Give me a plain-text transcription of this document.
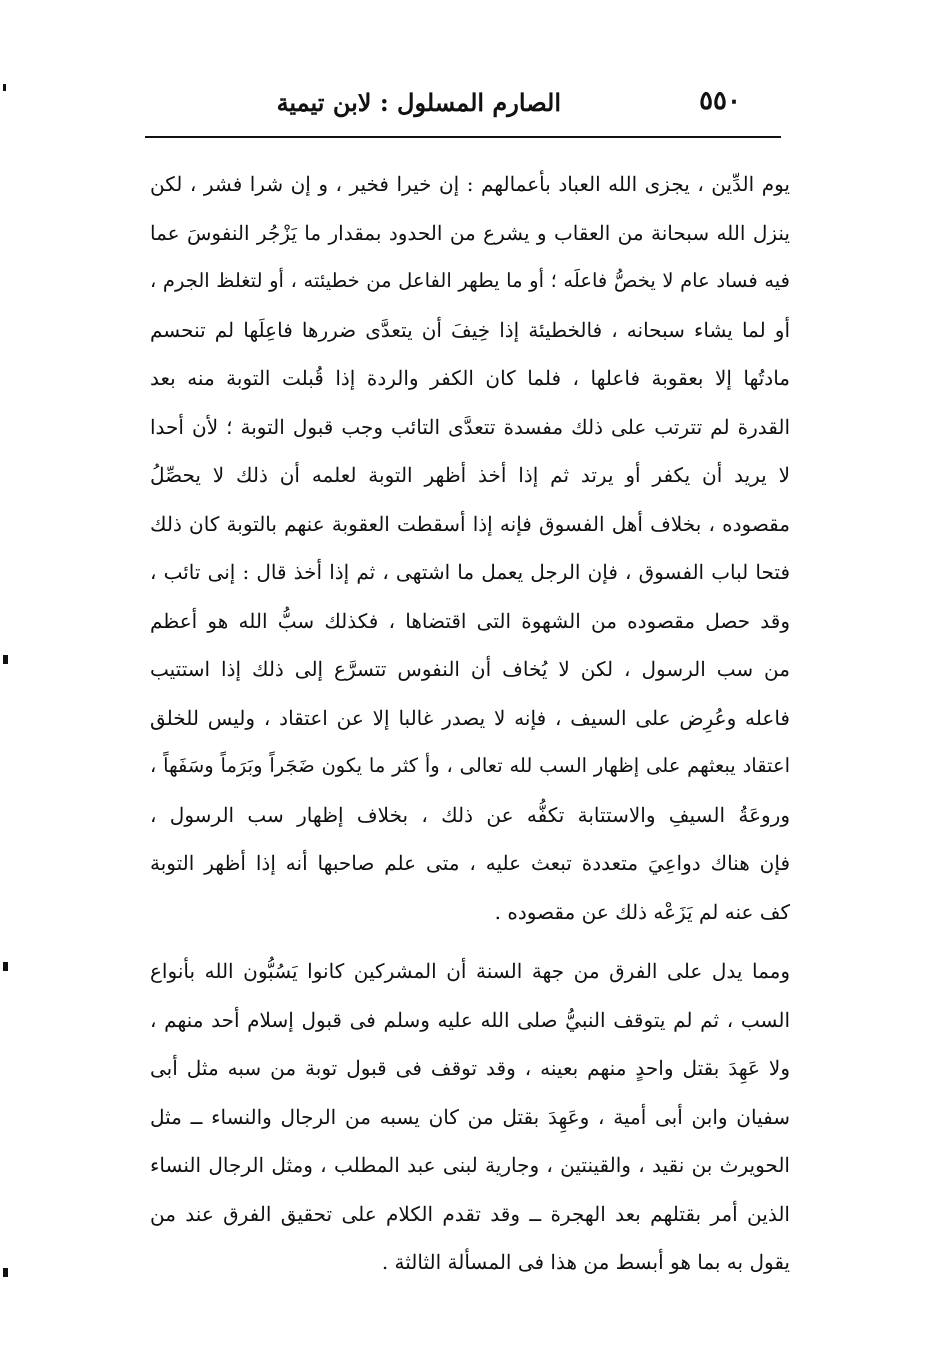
٥٥٠
الصارم المسلول : لابن تيمية
يوم الدِّين ، يجزى الله العباد بأعمالهم : إن خيرا فخير ، و إن شرا فشر ، لكن
ينزل الله سبحانة من العقاب و يشرع من الحدود بمقدار ما يَزْجُر النفوسَ عما
فيه فساد عام لا يخصُّ فاعلَه ؛ أو ما يطهر الفاعل من خطيئته ، أو لتغلظ الجرم ،
أو لما يشاء سبحانه ، فالخطيئة إذا خِيفَ أن يتعدَّى ضررها فاعِلَها لم تنحسم
مادتُها إلا بعقوبة فاعلها ، فلما كان الكفر والردة إذا قُبلت التوبة منه بعد
القدرة لم تترتب على ذلك مفسدة تتعدَّى التائب وجب قبول التوبة ؛ لأن أحدا
لا يريد أن يكفر أو يرتد ثم إذا أخذ أظهر التوبة لعلمه أن ذلك لا يحصِّلُ
مقصوده ، بخلاف أهل الفسوق فإنه إذا أسقطت العقوبة عنهم بالتوبة كان ذلك
فتحا لباب الفسوق ، فإن الرجل يعمل ما اشتهى ، ثم إذا أخذ قال : إنى تائب ،
وقد حصل مقصوده من الشهوة التى اقتضاها ، فكذلك سبُّ الله هو أعظم
من سب الرسول ، لكن لا يُخاف أن النفوس تتسرَّع إلى ذلك إذا استتيب
فاعله وعُرِض على السيف ، فإنه لا يصدر غالبا إلا عن اعتقاد ، وليس للخلق
اعتقاد يبعثهم على إظهار السب لله تعالى ، وأ كثر ما يكون ضَجَراً وبَرَماً وسَفَهاً ،
وروعَةُ السيفِ والاستتابة تكفُّه عن ذلك ، بخلاف إظهار سب الرسول ،
فإن هناك دواعِيَ متعددة تبعث عليه ، متى علم صاحبها أنه إذا أظهر التوبة
كف عنه لم يَزَعْه ذلك عن مقصوده .
ومما يدل على الفرق من جهة السنة أن المشركين كانوا يَسُبُّون الله بأنواع
السب ، ثم لم يتوقف النبيُّ صلى الله عليه وسلم فى قبول إسلام أحد منهم ،
ولا عَهِدَ بقتل واحدٍ منهم بعينه ، وقد توقف فى قبول توبة من سبه مثل أبى
سفيان وابن أبى أمية ، وعَهِدَ بقتل من كان يسبه من الرجال والنساء ــ مثل
الحويرث بن نقيد ، والقينتين ، وجارية لبنى عبد المطلب ، ومثل الرجال النساء
الذين أمر بقتلهم بعد الهجرة ــ وقد تقدم الكلام على تحقيق الفرق عند من
يقول به بما هو أبسط من هذا فى المسألة الثالثة .
